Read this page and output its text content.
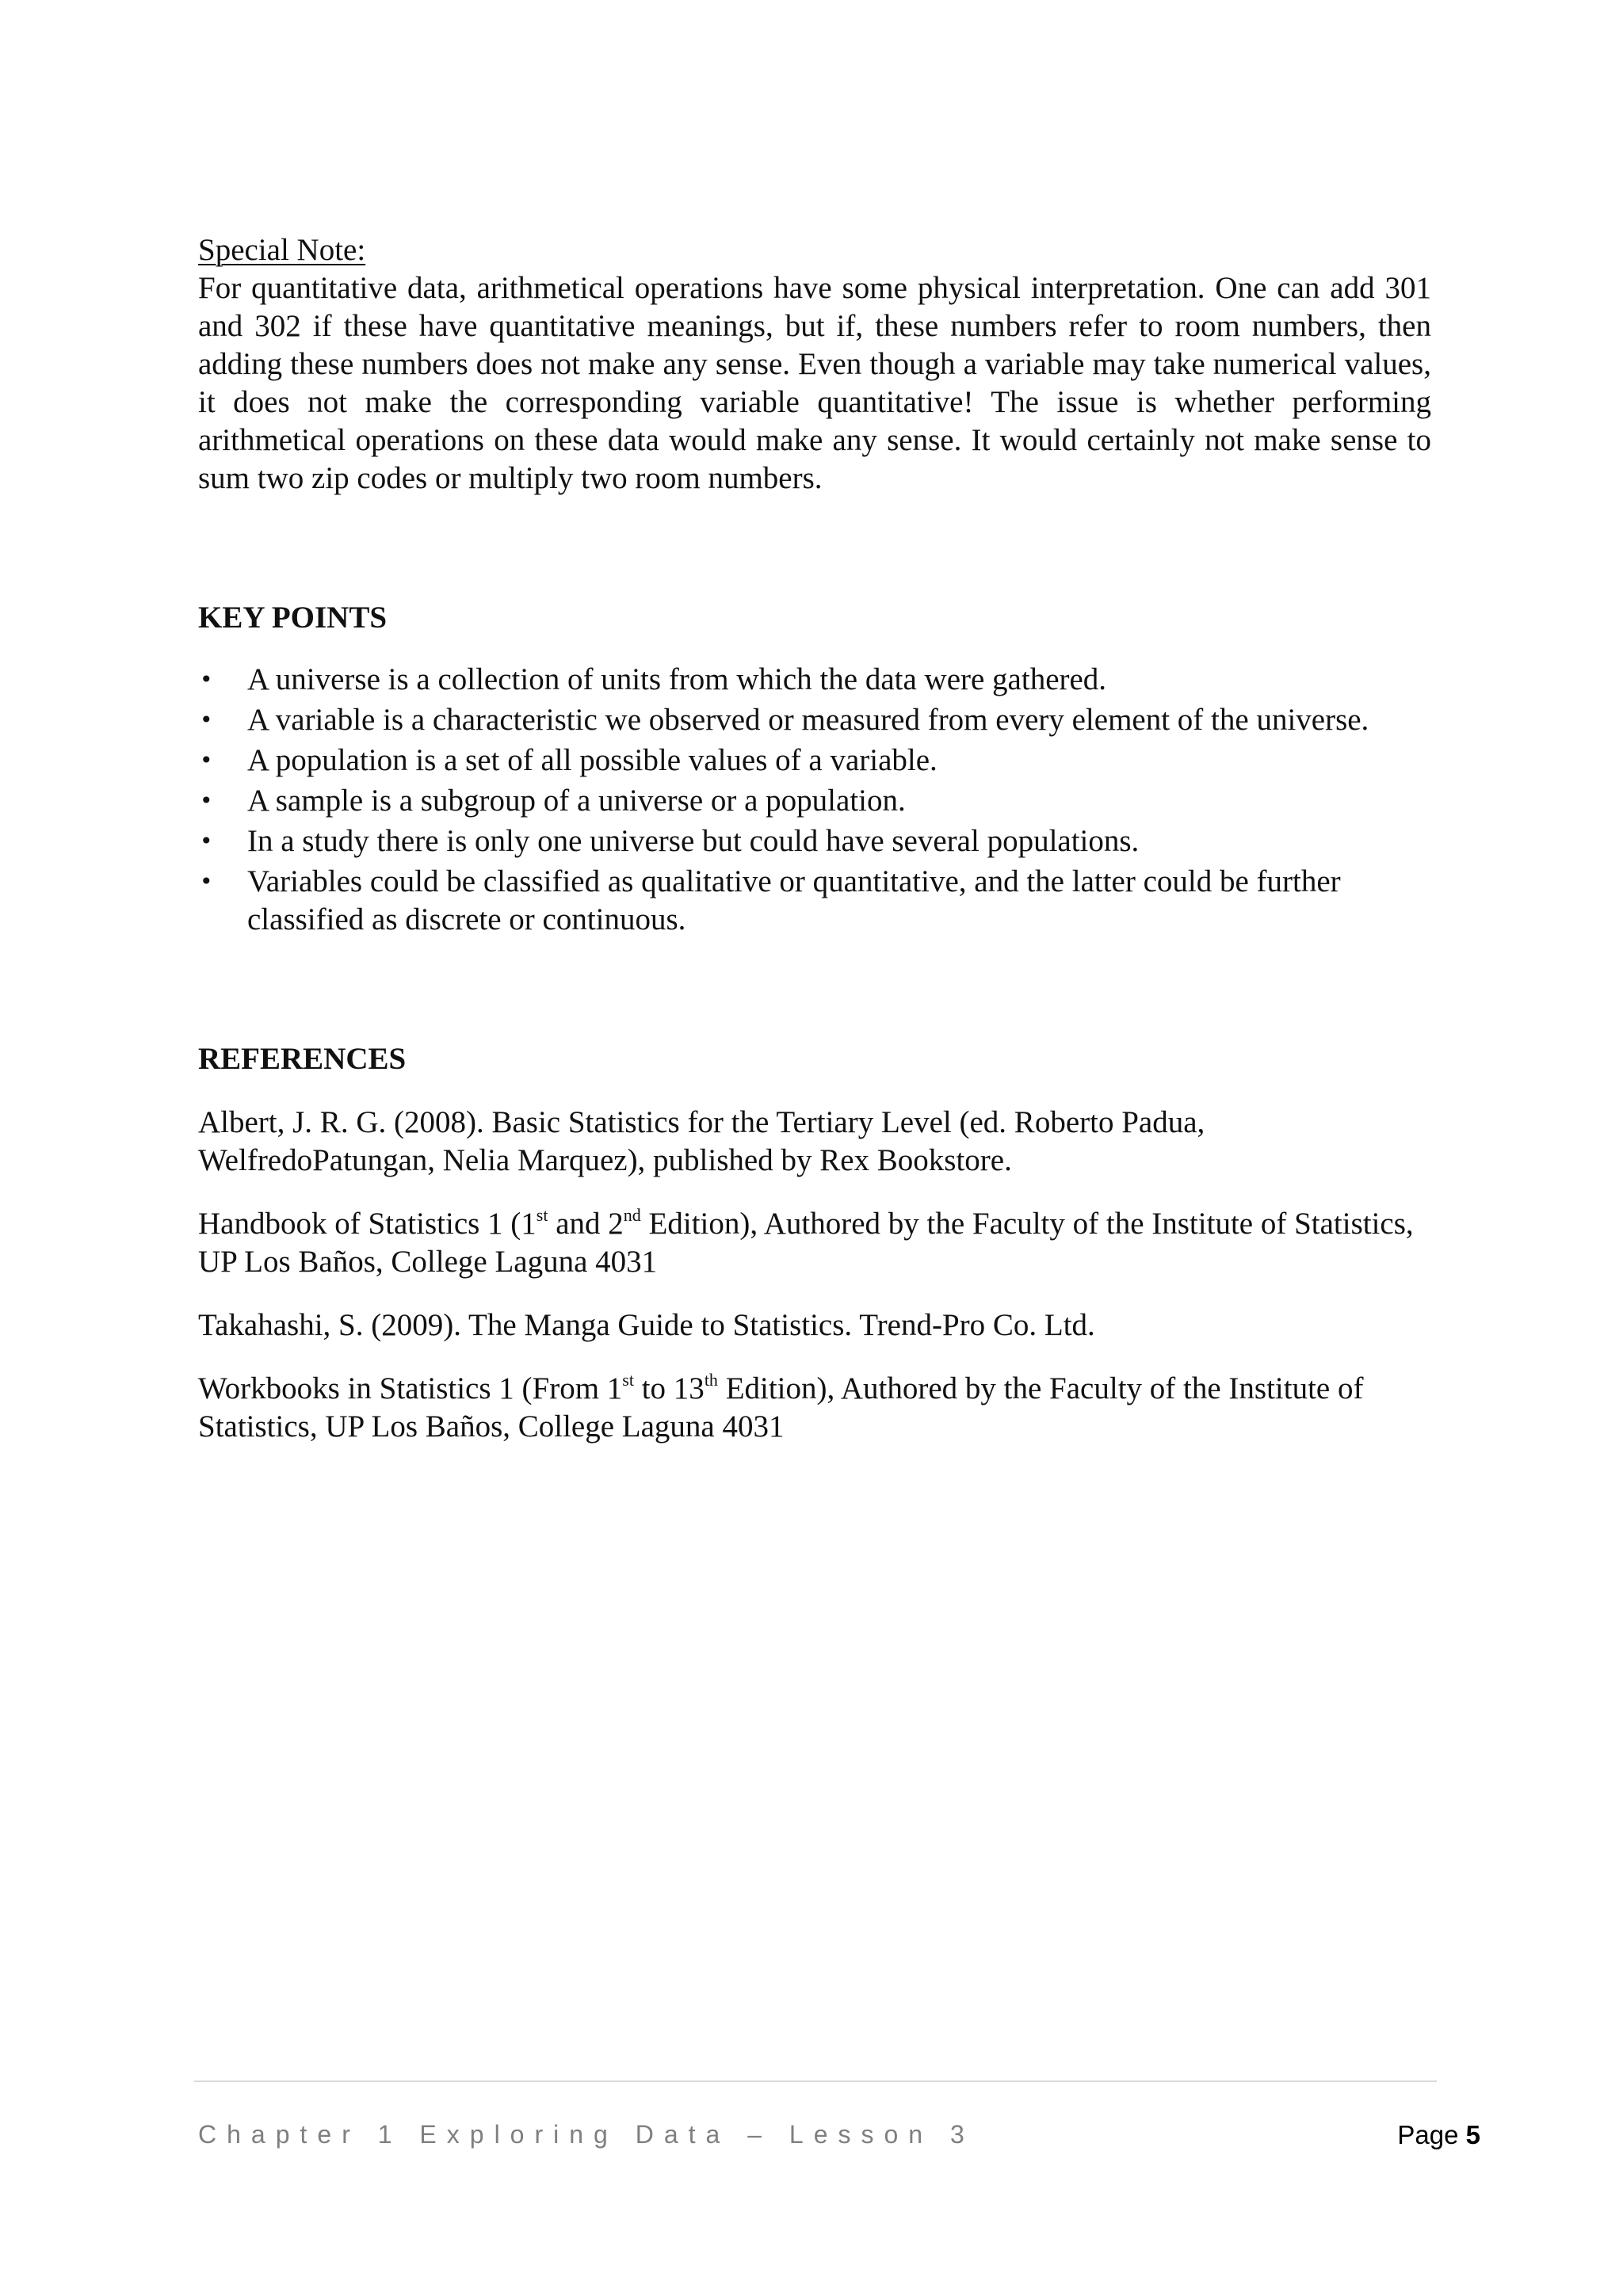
Special Note:

For quantitative data, arithmetical operations have some physical interpretation. One can add 301 and 302 if these have quantitative meanings, but if, these numbers refer to room numbers, then adding these numbers does not make any sense. Even though a variable may take numerical values, it does not make the corresponding variable quantitative! The issue is whether performing arithmetical operations on these data would make any sense. It would certainly not make sense to sum two zip codes or multiply two room numbers.

KEY POINTS
• A universe is a collection of units from which the data were gathered.
• A variable is a characteristic we observed or measured from every element of the universe.
• A population is a set of all possible values of a variable.
• A sample is a subgroup of a universe or a population.
• In a study there is only one universe but could have several populations.
• Variables could be classified as qualitative or quantitative, and the latter could be further classified as discrete or continuous.
REFERENCES

Albert, J. R. G. (2008). Basic Statistics for the Tertiary Level (ed. Roberto Padua, WelfredoPatungan, Nelia Marquez), published by Rex Bookstore.

Handbook of Statistics 1 (1st and 2nd Edition), Authored by the Faculty of the Institute of Statistics, UP Los Baños, College Laguna 4031

Takahashi, S. (2009). The Manga Guide to Statistics. Trend-Pro Co. Ltd.

Workbooks in Statistics 1 (From 1st to 13th Edition), Authored by the Faculty of the Institute of Statistics, UP Los Baños, College Laguna 4031

Chapter 1 Exploring Data – Lesson 3	Page 5
